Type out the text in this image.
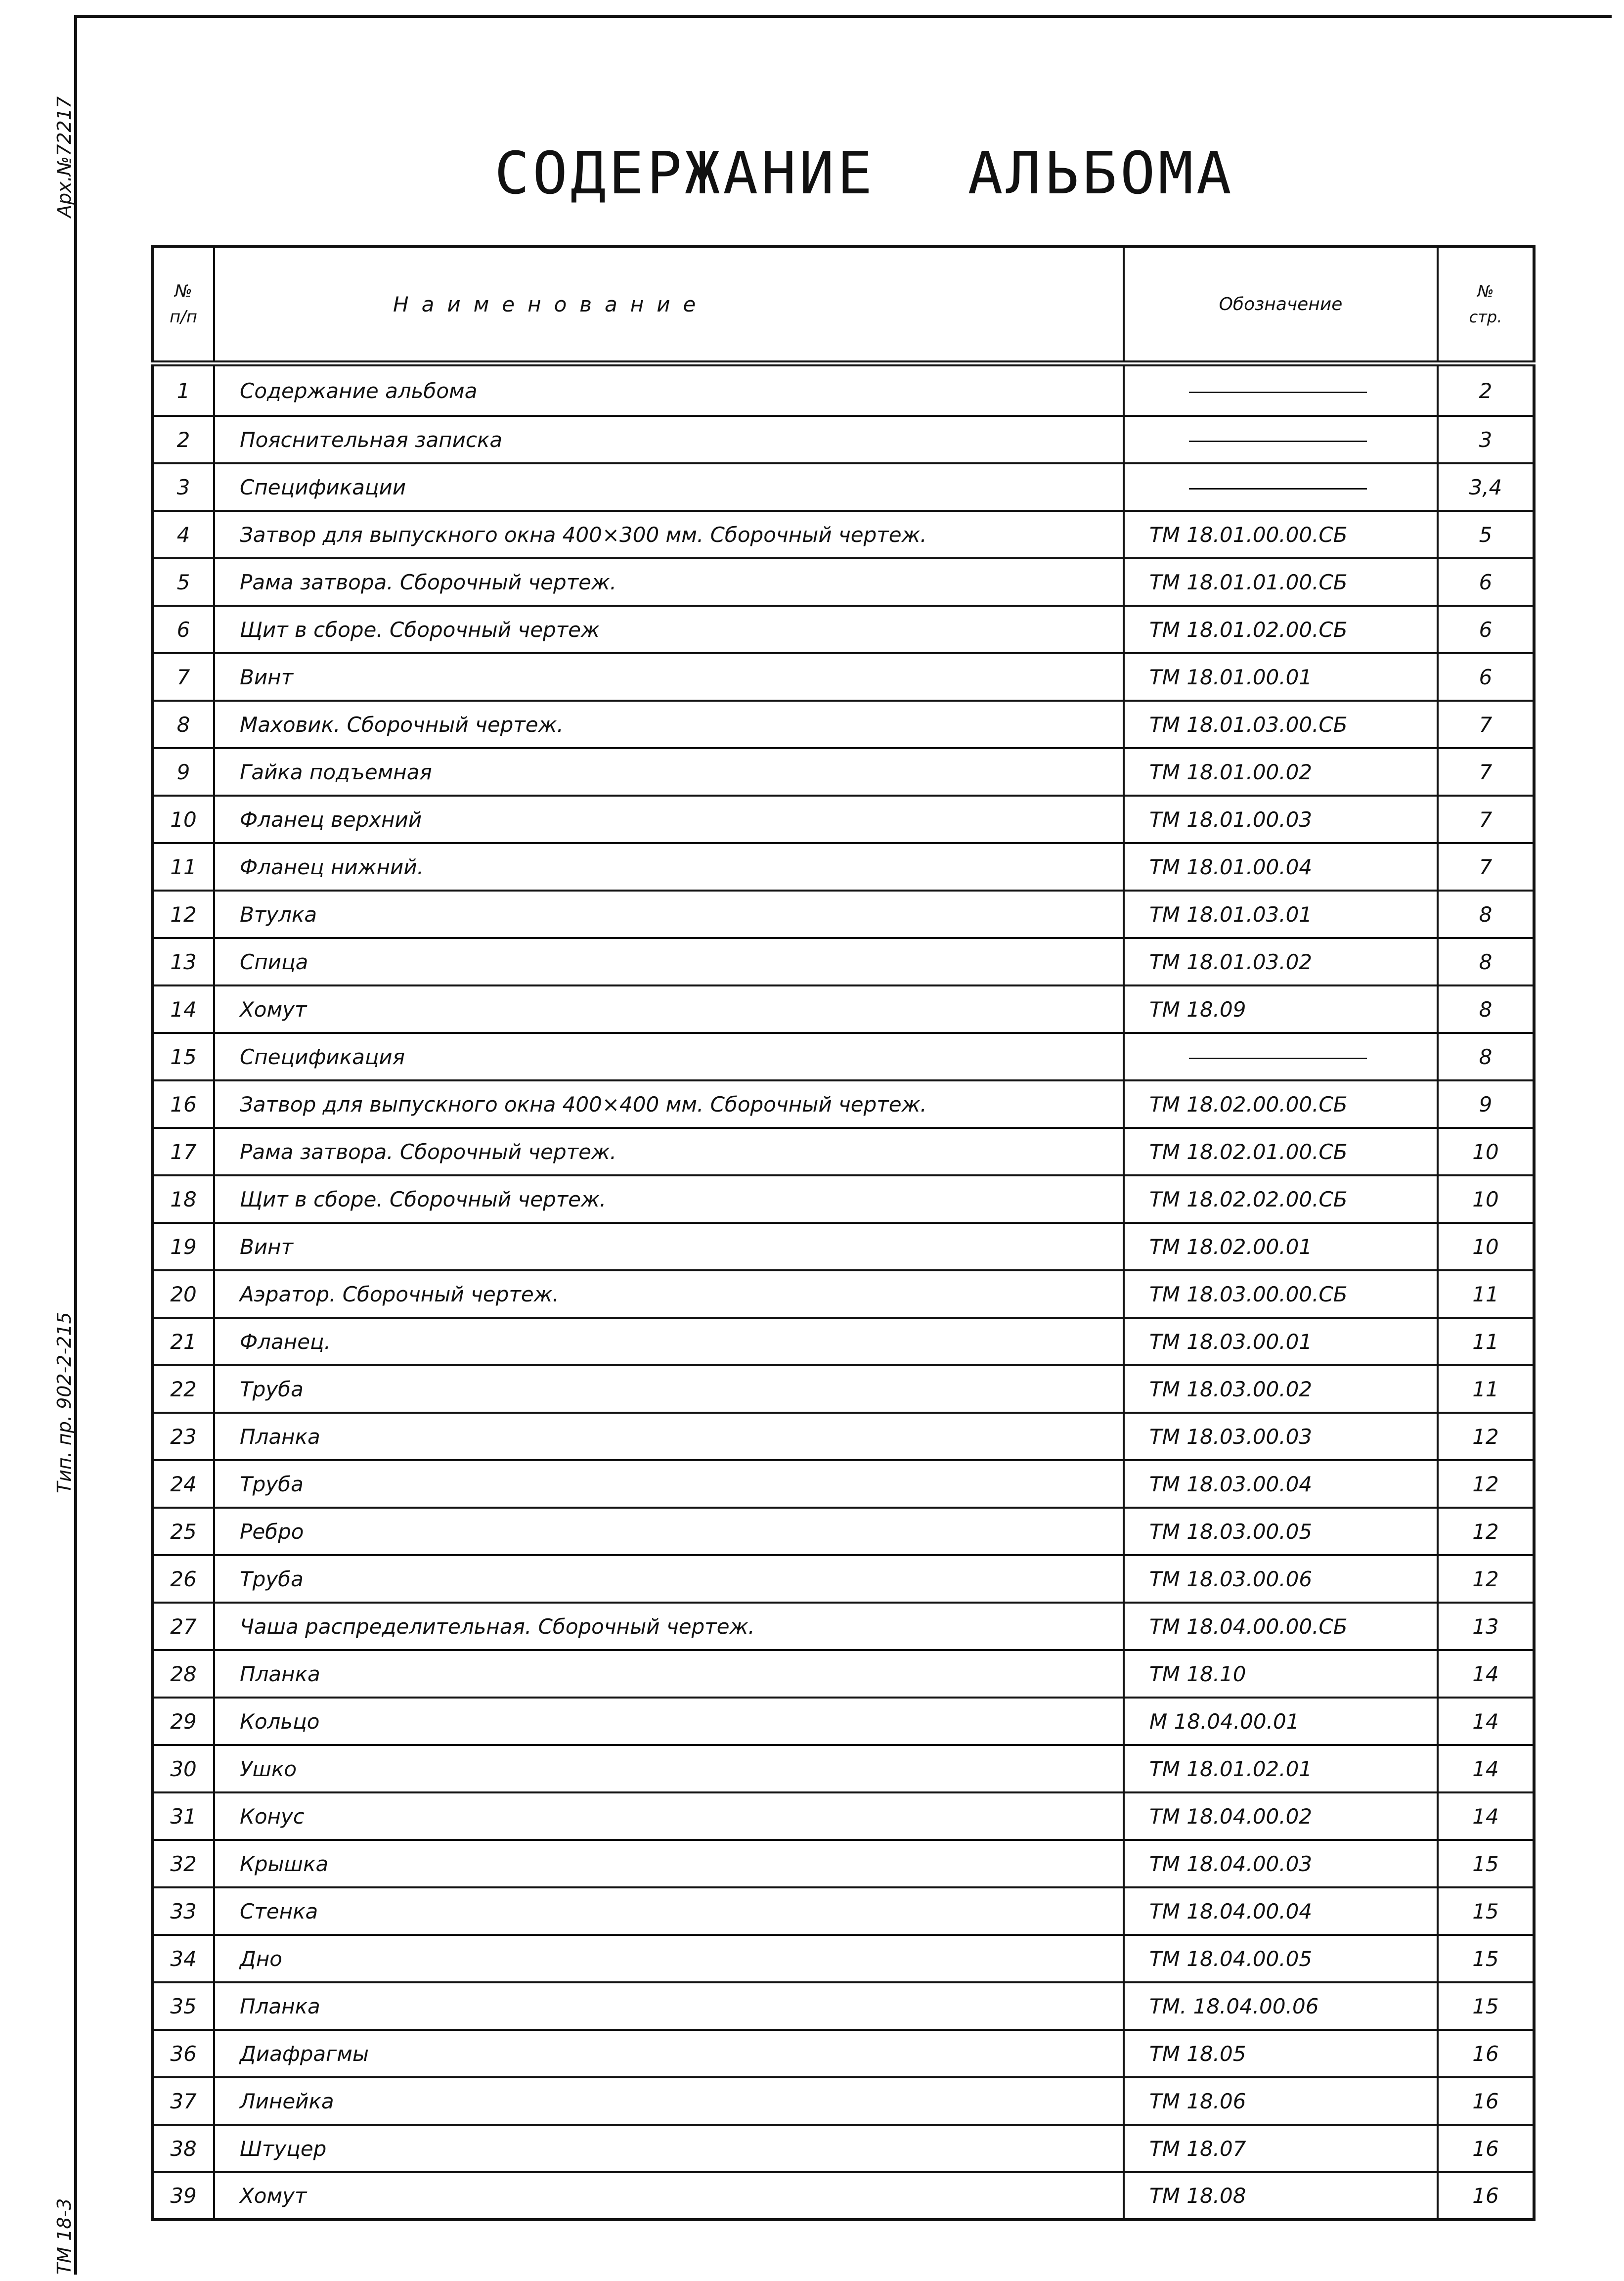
Арх.№72217
Тип. пр. 902-2-215
ТМ 18-3
СОДЕРЖАНИЕ АЛЬБОМА
№
п/п	Наименование	Обозначение	№
стр.
1	Содержание альбома		2
2	Пояснительная записка		3
3	Спецификации		3,4
4	Затвор для выпускного окна 400×300 мм. Сборочный чертеж.	ТМ 18.01.00.00.СБ	5
5	Рама затвора. Сборочный чертеж.	ТМ 18.01.01.00.СБ	6
6	Щит в сборе. Сборочный чертеж	ТМ 18.01.02.00.СБ	6
7	Винт	ТМ 18.01.00.01	6
8	Маховик. Сборочный чертеж.	ТМ 18.01.03.00.СБ	7
9	Гайка подъемная	ТМ 18.01.00.02	7
10	Фланец верхний	ТМ 18.01.00.03	7
11	Фланец нижний.	ТМ 18.01.00.04	7
12	Втулка	ТМ 18.01.03.01	8
13	Спица	ТМ 18.01.03.02	8
14	Хомут	ТМ 18.09	8
15	Спецификация		8
16	Затвор для выпускного окна 400×400 мм. Сборочный чертеж.	ТМ 18.02.00.00.СБ	9
17	Рама затвора. Сборочный чертеж.	ТМ 18.02.01.00.СБ	10
18	Щит в сборе. Сборочный чертеж.	ТМ 18.02.02.00.СБ	10
19	Винт	ТМ 18.02.00.01	10
20	Аэратор. Сборочный чертеж.	ТМ 18.03.00.00.СБ	11
21	Фланец.	ТМ 18.03.00.01	11
22	Труба	ТМ 18.03.00.02	11
23	Планка	ТМ 18.03.00.03	12
24	Труба	ТМ 18.03.00.04	12
25	Ребро	ТМ 18.03.00.05	12
26	Труба	ТМ 18.03.00.06	12
27	Чаша распределительная. Сборочный чертеж.	ТМ 18.04.00.00.СБ	13
28	Планка	ТМ 18.10	14
29	Кольцо	М 18.04.00.01	14
30	Ушко	ТМ 18.01.02.01	14
31	Конус	ТМ 18.04.00.02	14
32	Крышка	ТМ 18.04.00.03	15
33	Стенка	ТМ 18.04.00.04	15
34	Дно	ТМ 18.04.00.05	15
35	Планка	ТМ. 18.04.00.06	15
36	Диафрагмы	ТМ 18.05	16
37	Линейка	ТМ 18.06	16
38	Штуцер	ТМ 18.07	16
39	Хомут	ТМ 18.08	16
